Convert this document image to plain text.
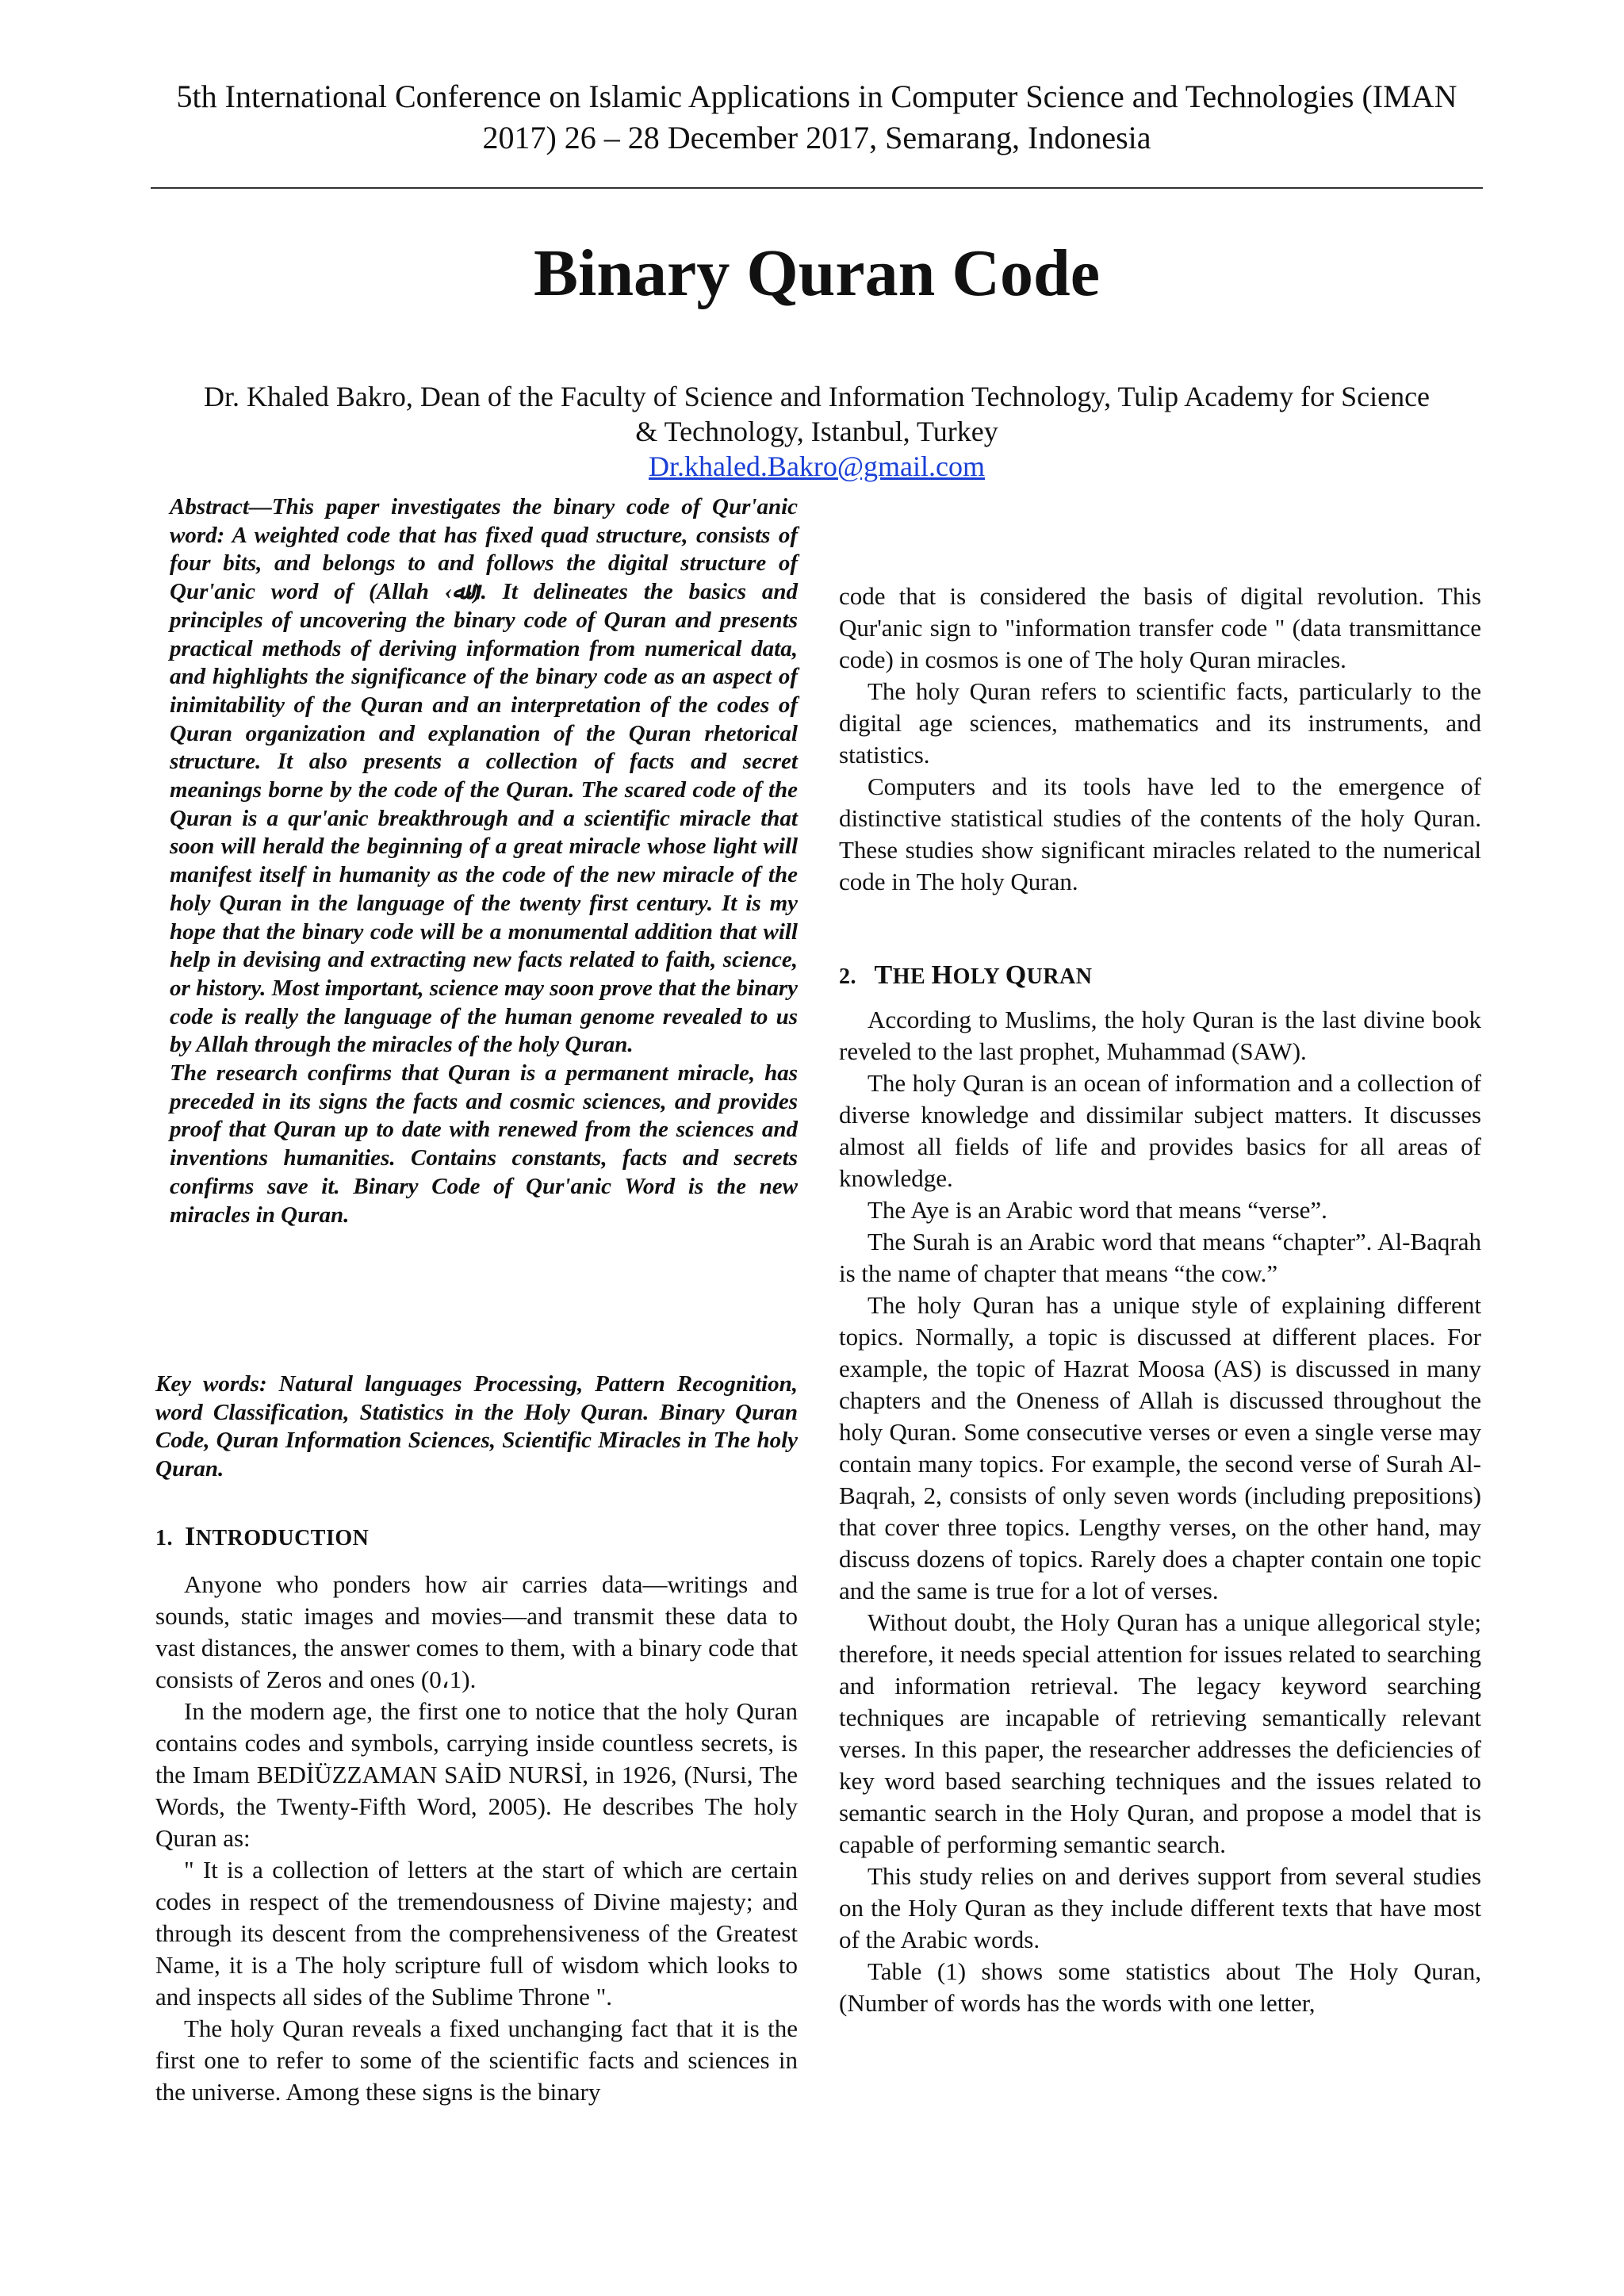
5th International Conference on Islamic Applications in Computer Science and Technologies (IMAN
2017) 26 – 28 December 2017, Semarang, Indonesia
Binary Quran Code
Dr. Khaled Bakro, Dean of the Faculty of Science and Information Technology, Tulip Academy for Science
& Technology, Istanbul, Turkey
Dr.khaled.Bakro@gmail.com

Abstract—This paper investigates the binary code of Qur'anic word: A weighted code that has fixed quad structure, consists of four bits, and belongs to and follows the digital structure of Qur'anic word of (Allah ‹ﷲ›). It delineates the basics and principles of uncovering the binary code of Quran and presents practical methods of deriving information from numerical data, and highlights the significance of the binary code as an aspect of inimitability of the Quran and an interpretation of the codes of Quran organization and explanation of the Quran rhetorical structure. It also presents a collection of facts and secret meanings borne by the code of the Quran. The scared code of the Quran is a qur'anic breakthrough and a scientific miracle that soon will herald the beginning of a great miracle whose light will manifest itself in humanity as the code of the new miracle of the holy Quran in the language of the twenty first century. It is my hope that the binary code will be a monumental addition that will help in devising and extracting new facts related to faith, science, or history. Most important, science may soon prove that the binary code is really the language of the human genome revealed to us by Allah through the miracles of the holy Quran.

The research confirms that Quran is a permanent miracle, has preceded in its signs the facts and cosmic sciences, and provides proof that Quran up to date with renewed from the sciences and inventions humanities. Contains constants, facts and secrets confirms save it. Binary Code of Qur'anic Word is the new miracles in Quran.

Key words: Natural languages Processing, Pattern Recognition, word Classification, Statistics in the Holy Quran. Binary Quran Code, Quran Information Sciences, Scientific Miracles in The holy Quran.

1. INTRODUCTION

Anyone who ponders how air carries data—writings and sounds, static images and movies—and transmit these data to vast distances, the answer comes to them, with a binary code that consists of Zeros and ones (0،1).

In the modern age, the first one to notice that the holy Quran contains codes and symbols, carrying inside countless secrets, is the Imam BEDİÜZZAMAN SAİD NURSİ, in 1926, (Nursi, The Words, the Twenty-Fifth Word, 2005). He describes The holy Quran as:

" It is a collection of letters at the start of which are certain codes in respect of the tremendousness of Divine majesty; and through its descent from the comprehensiveness of the Greatest Name, it is a The holy scripture full of wisdom which looks to and inspects all sides of the Sublime Throne ".

The holy Quran reveals a fixed unchanging fact that it is the first one to refer to some of the scientific facts and sciences in the universe. Among these signs is the binary

code that is considered the basis of digital revolution. This Qur'anic sign to "information transfer code " (data transmittance code) in cosmos is one of The holy Quran miracles.

The holy Quran refers to scientific facts, particularly to the digital age sciences, mathematics and its instruments, and statistics.

Computers and its tools have led to the emergence of distinctive statistical studies of the contents of the holy Quran. These studies show significant miracles related to the numerical code in The holy Quran.

2. THE HOLY QURAN

According to Muslims, the holy Quran is the last divine book reveled to the last prophet, Muhammad (SAW).

The holy Quran is an ocean of information and a collection of diverse knowledge and dissimilar subject matters. It discusses almost all fields of life and provides basics for all areas of knowledge.

The Aye is an Arabic word that means “verse”.

The Surah is an Arabic word that means “chapter”. Al-Baqrah is the name of chapter that means “the cow.”

The holy Quran has a unique style of explaining different topics. Normally, a topic is discussed at different places. For example, the topic of Hazrat Moosa (AS) is discussed in many chapters and the Oneness of Allah is discussed throughout the holy Quran. Some consecutive verses or even a single verse may contain many topics. For example, the second verse of Surah Al-Baqrah, 2, consists of only seven words (including prepositions) that cover three topics. Lengthy verses, on the other hand, may discuss dozens of topics. Rarely does a chapter contain one topic and the same is true for a lot of verses.

Without doubt, the Holy Quran has a unique allegorical style; therefore, it needs special attention for issues related to searching and information retrieval. The legacy keyword searching techniques are incapable of retrieving semantically relevant verses. In this paper, the researcher addresses the deficiencies of key word based searching techniques and the issues related to semantic search in the Holy Quran, and propose a model that is capable of performing semantic search.

This study relies on and derives support from several studies on the Holy Quran as they include different texts that have most of the Arabic words.

Table (1) shows some statistics about The Holy Quran, (Number of words has the words with one letter,
